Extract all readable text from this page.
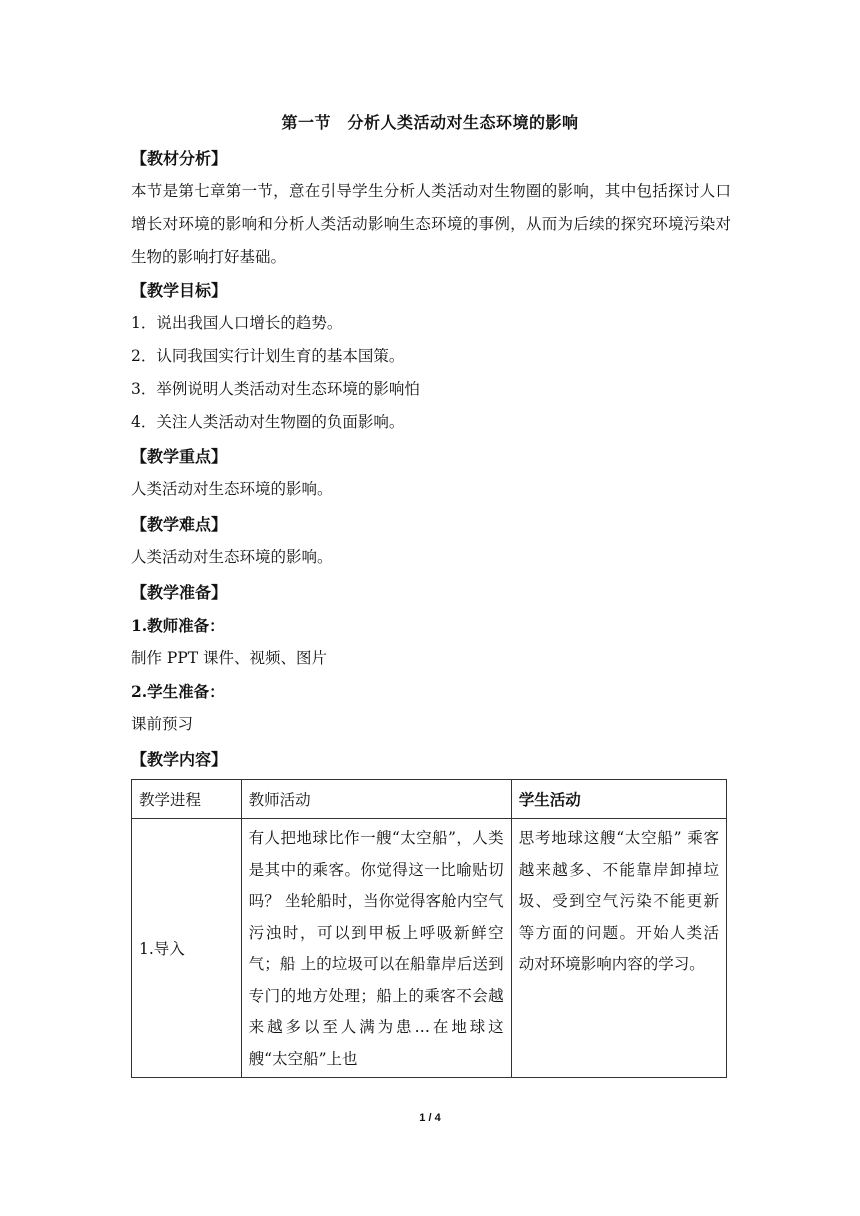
第一节　分析人类活动对生态环境的影响
【教材分析】
本节是第七章第一节，意在引导学生分析人类活动对生物圈的影响，其中包括探讨人口增长对环境的影响和分析人类活动影响生态环境的事例，从而为后续的探究环境污染对生物的影响打好基础。
【教学目标】
1．说出我国人口增长的趋势。
2．认同我国实行计划生育的基本国策。
3．举例说明人类活动对生态环境的影响怕
4．关注人类活动对生物圈的负面影响。
【教学重点】
人类活动对生态环境的影响。
【教学难点】
人类活动对生态环境的影响。
【教学准备】
1.教师准备：
制作 PPT 课件、视频、图片
2.学生准备：
课前预习
【教学内容】
教学进程	教师活动	学生活动
1.导入	有人把地球比作一艘“太空船”，人类是其中的乘客。你觉得这一比喻贴切吗？ 坐轮船时，当你觉得客舱内空气污浊时，可以到甲板上呼吸新鲜空气；船 上的垃圾可以在船靠岸后送到专门的地方处理；船上的乘客不会越来越多以至人满为患…在地球这艘“太空船”上也	思考地球这艘“太空船” 乘客越来越多、不能靠岸卸掉垃圾、受到空气污染不能更新等方面的问题。开始人类活动对环境影响内容的学习。
1 / 4
